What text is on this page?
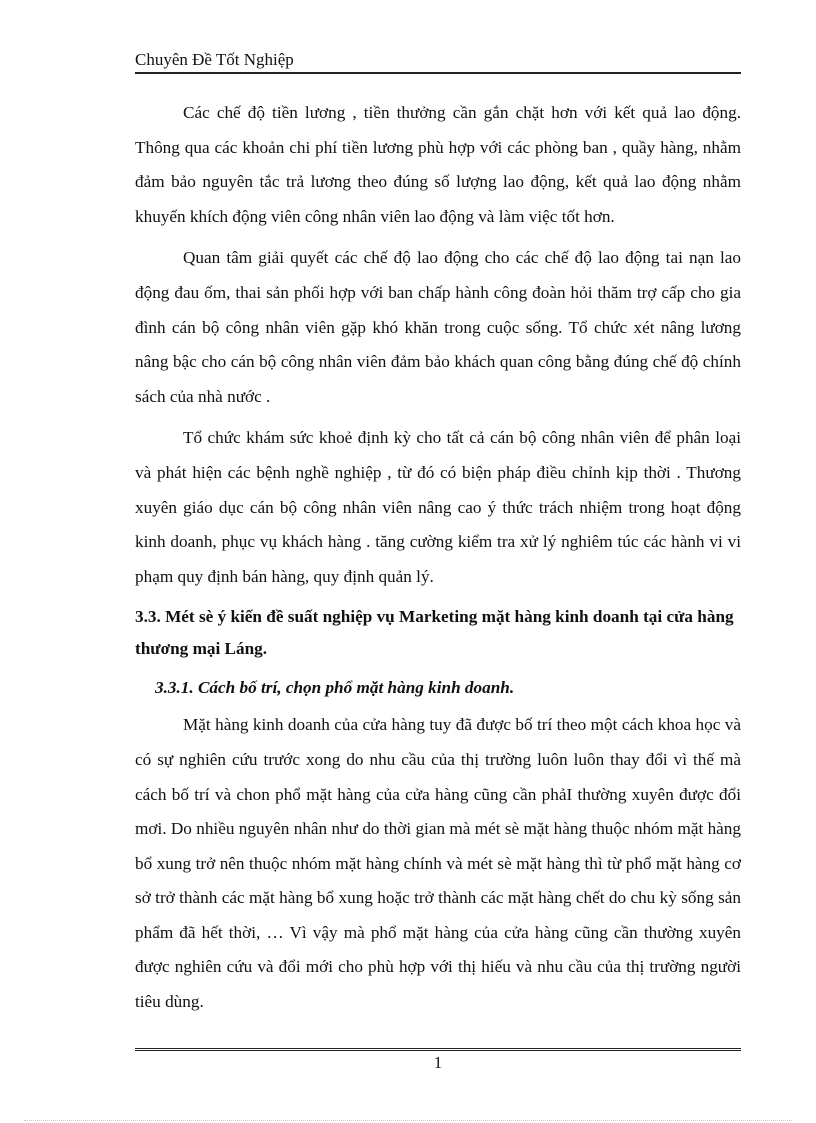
Chuyên Đề Tốt Nghiệp

Các chế độ tiền lương , tiền thưởng cần gắn chặt hơn với kết quả lao động. Thông qua các khoản chi phí tiền lương phù hợp với các phòng ban , quầy hàng, nhằm đảm bảo nguyên tắc trả lương theo đúng số lượng lao động, kết quả lao động nhằm khuyến khích động viên công nhân viên lao động và làm việc tốt hơn.

Quan tâm giải quyết các chế độ lao động cho các chế độ lao động tai nạn lao động đau ốm, thai sản phối hợp với ban chấp hành công đoàn hỏi thăm trợ cấp cho gia đình cán bộ công nhân viên gặp khó khăn trong cuộc sống. Tổ chức xét nâng lương nâng bậc cho cán bộ công nhân viên đảm bảo khách quan công bằng đúng chế độ chính sách của nhà nước .

Tổ chức khám sức khoẻ định kỳ cho tất cả cán bộ công nhân viên để phân loại và phát hiện các bệnh nghề nghiệp , từ đó có biện pháp điều chỉnh kịp thời . Thương xuyên giáo dục cán bộ công nhân viên nâng cao ý thức trách nhiệm trong hoạt động kinh doanh, phục vụ khách hàng . tăng cường kiểm tra xử lý nghiêm túc các hành vi vi phạm quy định bán hàng, quy định quản lý.

3.3. Mét sè ý kiến đề suất nghiệp vụ Marketing mặt hàng kinh doanh tại cửa hàng thương mại Láng.
3.3.1. Cách bố trí, chọn phổ mặt hàng kinh doanh.

Mặt hàng kinh doanh của cửa hàng tuy đã được bố trí theo một cách khoa học và có sự nghiên cứu trước xong do nhu cầu của thị trường luôn luôn thay đổi vì thế mà cách bố trí và chon phổ mặt hàng của cửa hàng cũng cần phảI thường xuyên được đổi mơi. Do nhiều nguyên nhân như do thời gian mà mét sè mặt hàng thuộc nhóm mặt hàng bổ xung trở nên thuộc nhóm mặt hàng chính và mét sè mặt hàng thì từ phổ mặt hàng cơ sở trở thành các mặt hàng bổ xung hoặc trở thành các mặt hàng chết do chu kỳ sống sản phẩm đã hết thời, … Vì vậy mà phổ mặt hàng của cửa hàng cũng cần thường xuyên được nghiên cứu và đổi mới cho phù hợp với thị hiếu và nhu cầu của thị trường người tiêu dùng.

1
